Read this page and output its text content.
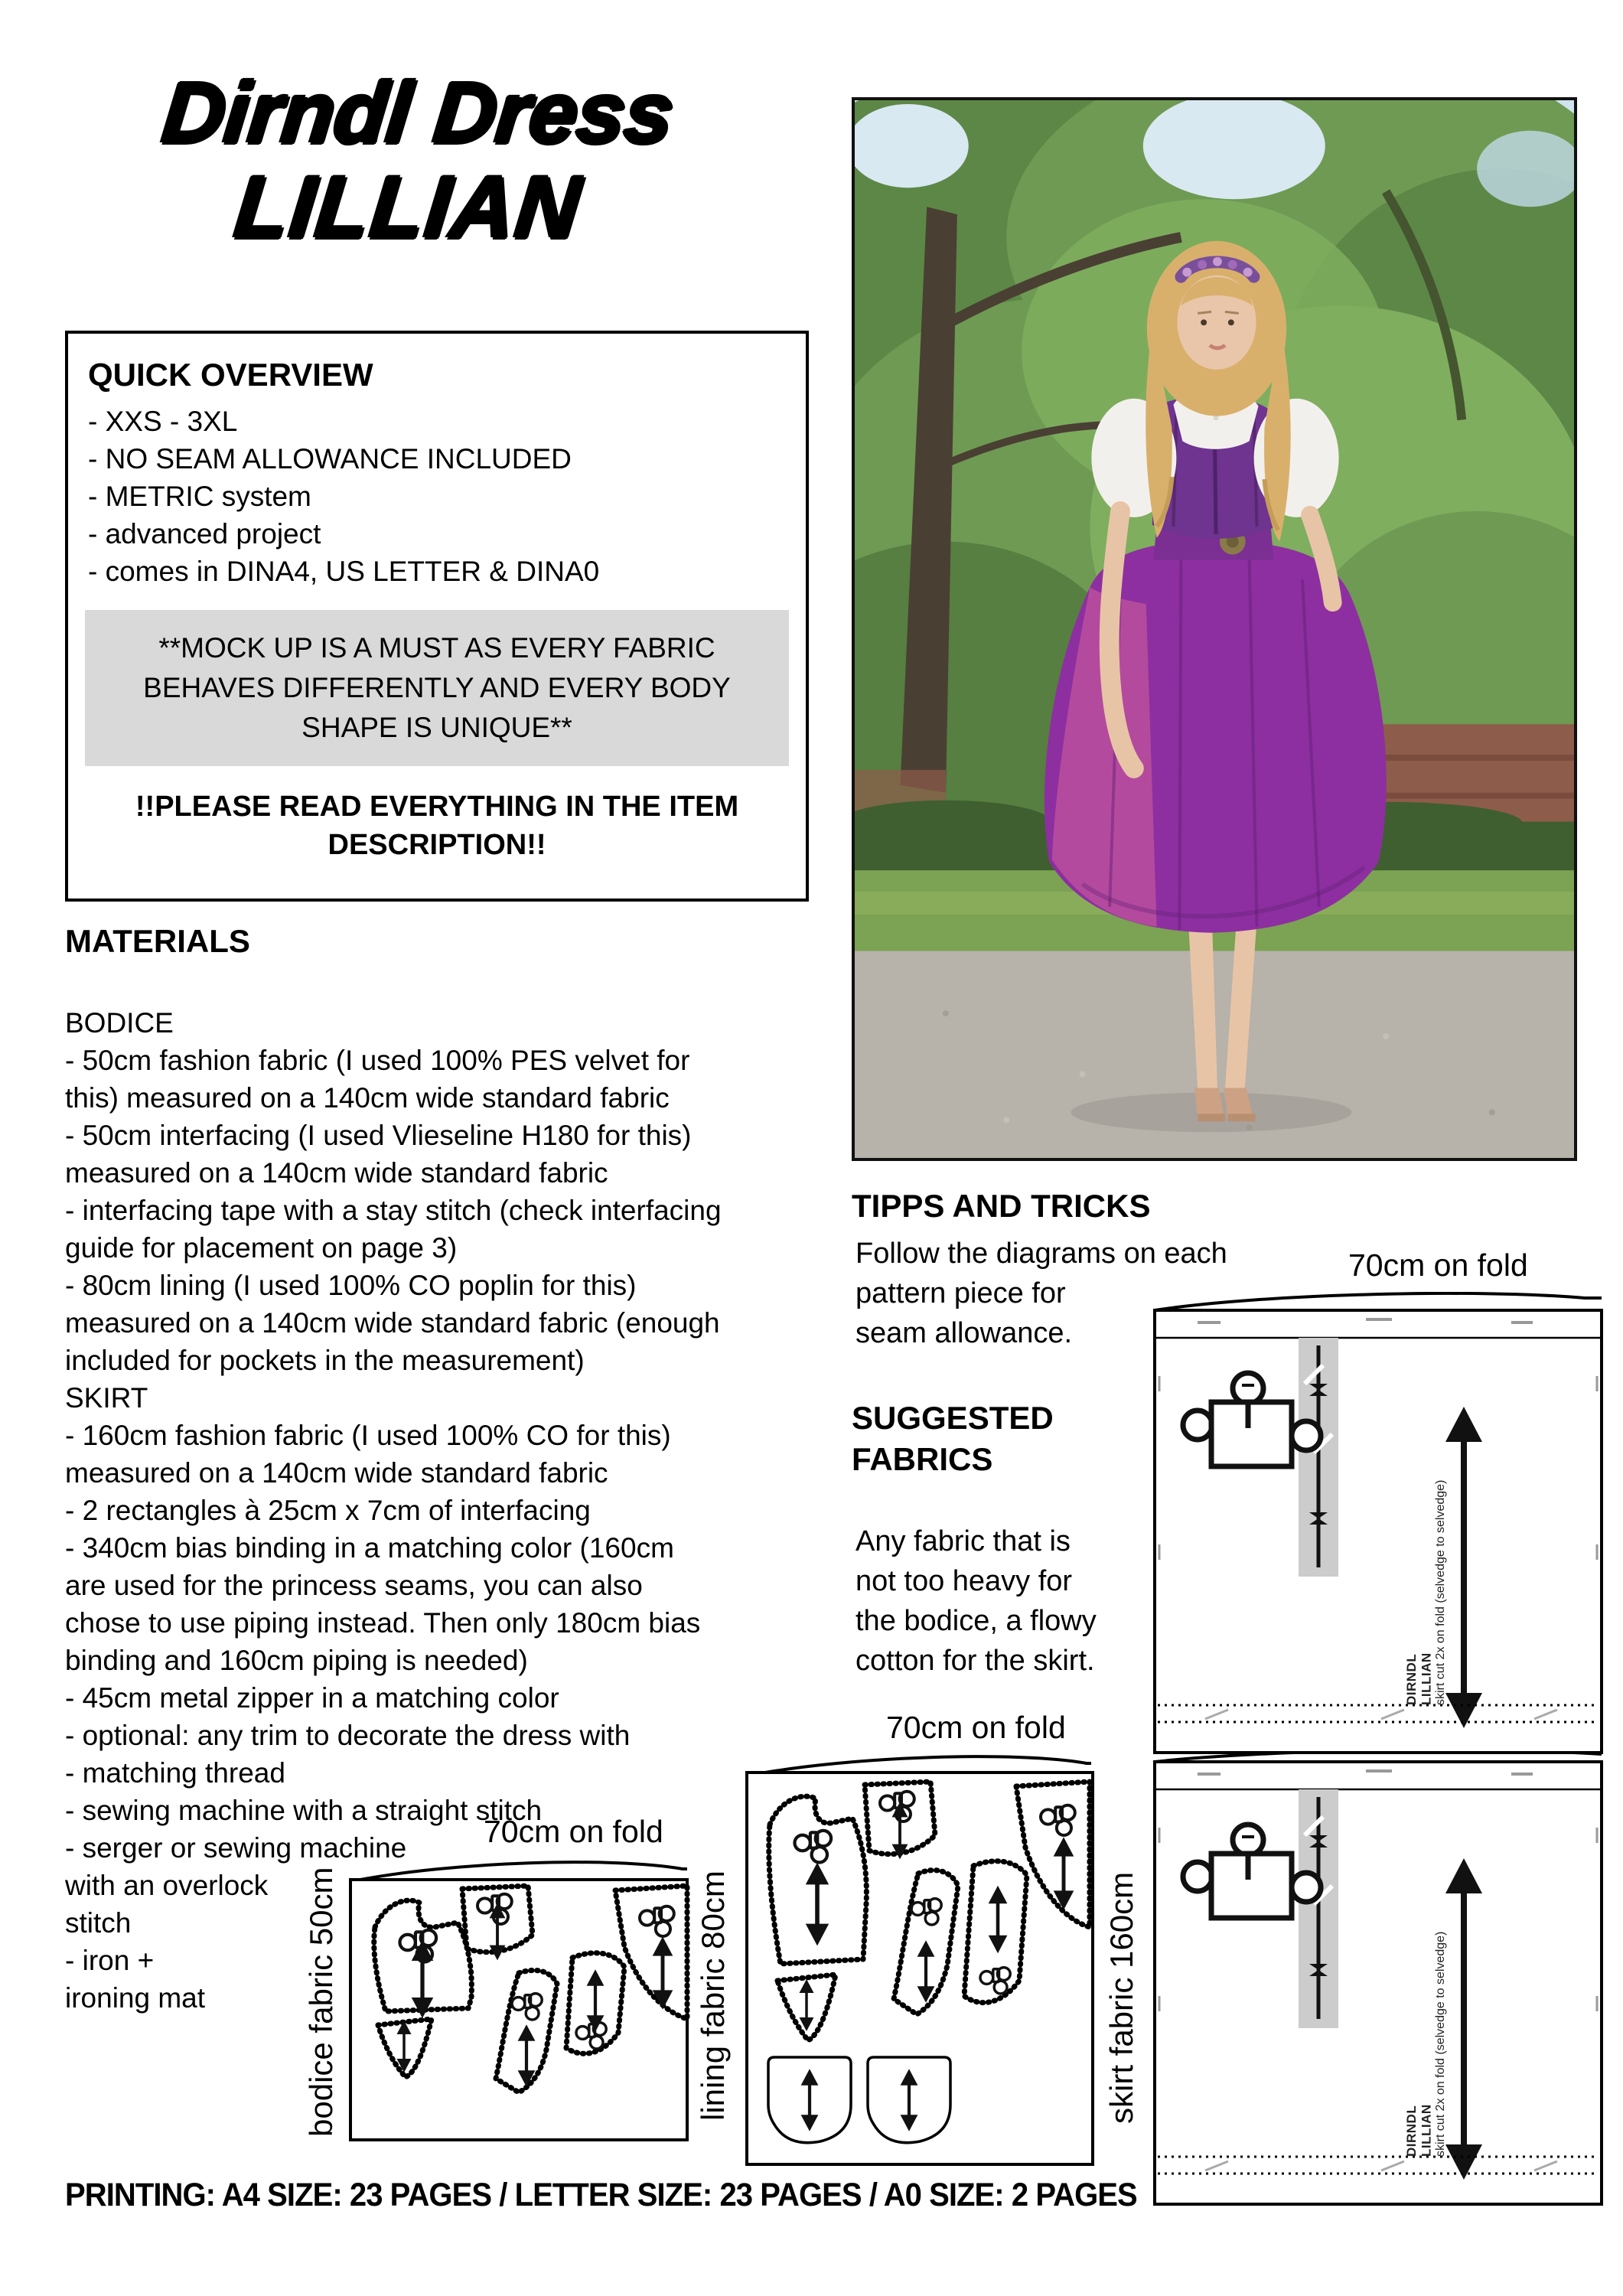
Dirndl Dress
LILLIAN
QUICK OVERVIEW
- XXS - 3XL
- NO SEAM ALLOWANCE INCLUDED
- METRIC system
- advanced project
- comes in DINA4, US LETTER & DINA0
**MOCK UP IS A MUST AS EVERY FABRIC
BEHAVES DIFFERENTLY AND EVERY BODY
SHAPE IS UNIQUE**
!!PLEASE READ EVERYTHING IN THE ITEM
DESCRIPTION!!
MATERIALS
BODICE
- 50cm fashion fabric (I used 100% PES velvet for
this) measured on a 140cm wide standard fabric
- 50cm interfacing (I used Vlieseline H180 for this)
measured on a 140cm wide standard fabric
- interfacing tape with a stay stitch (check interfacing
guide for placement on page 3)
- 80cm lining (I used 100% CO poplin for this)
measured on a 140cm wide standard fabric (enough
included for pockets in the measurement)
SKIRT
- 160cm fashion fabric (I used 100% CO for this)
measured on a 140cm wide standard fabric
- 2 rectangles à 25cm x 7cm of interfacing
- 340cm bias binding in a matching color (160cm
are used for the princess seams, you can also
chose to use piping instead. Then only 180cm bias
binding and 160cm piping is needed)
- 45cm metal zipper in a matching color
- optional: any trim to decorate the dress with
- matching thread
- sewing machine with a straight stitch
- serger or sewing machine
with an overlock
stitch
- iron +
ironing mat
TIPPS AND TRICKS
Follow the diagrams on each
pattern piece for
seam allowance.
SUGGESTED
FABRICS
Any fabric that is
not too heavy for
the bodice, a flowy
cotton for the skirt.
70cm on fold
70cm on fold
70cm on fold
skirt fabric 160cm
lining fabric 80cm
bodice fabric 50cm
DIRNDL LILLIAN skirt cut 2x on fold (selvedge to selvedge)
DIRNDL LILLIAN skirt cut 2x on fold (selvedge to selvedge)
PRINTING: A4 SIZE: 23 PAGES / LETTER SIZE: 23 PAGES / A0 SIZE: 2 PAGES
